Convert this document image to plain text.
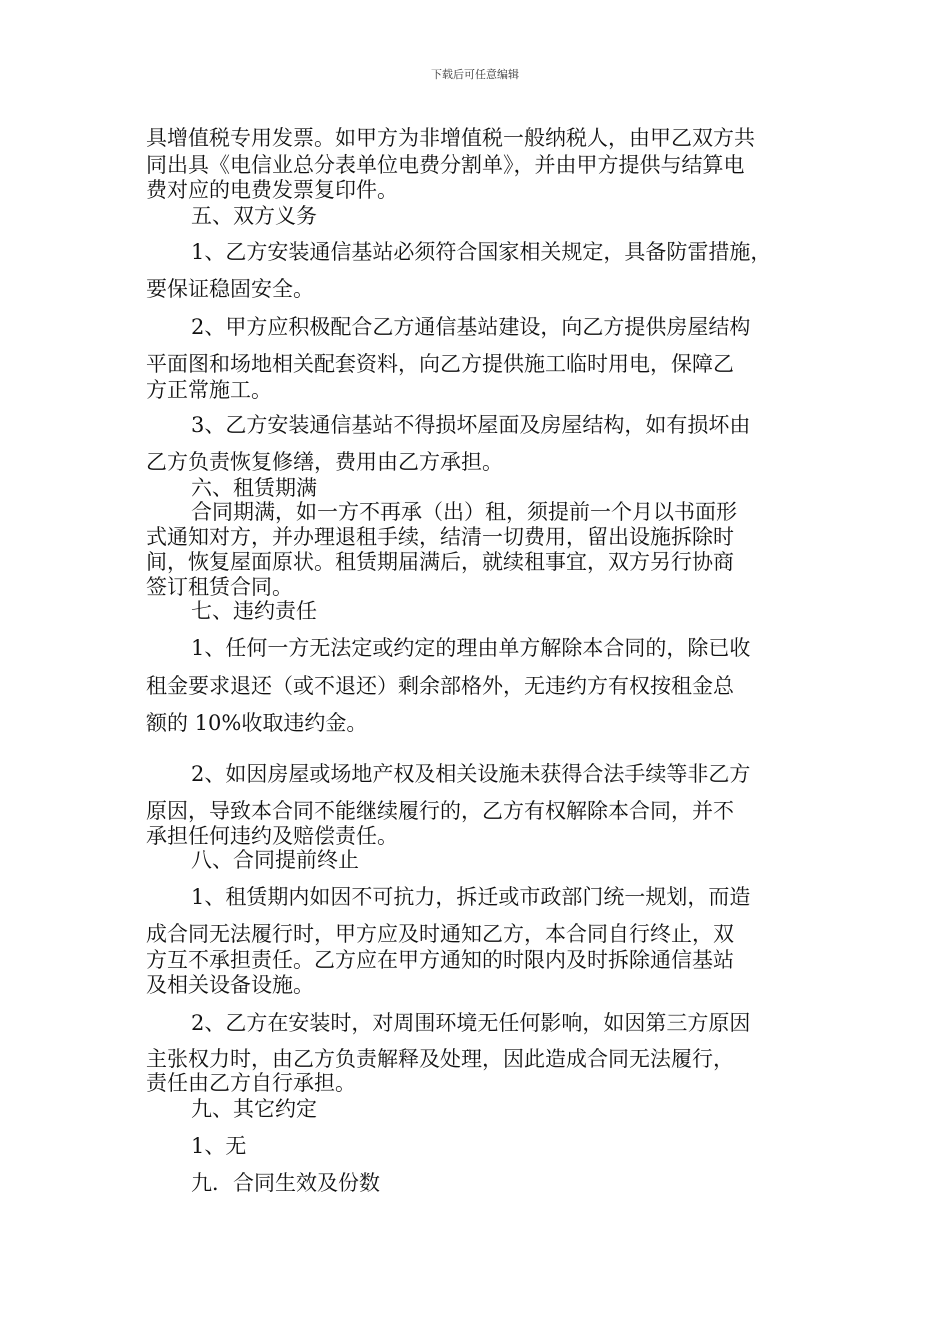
下载后可任意编辑
具增值税专用发票。如甲方为非增值税一般纳税人，由甲乙双方共
同出具《电信业总分表单位电费分割单》，并由甲方提供与结算电
费对应的电费发票复印件。
五、双方义务
1、乙方安装通信基站必须符合国家相关规定，具备防雷措施，
要保证稳固安全。
2、甲方应积极配合乙方通信基站建设，向乙方提供房屋结构
平面图和场地相关配套资料，向乙方提供施工临时用电，保障乙
方正常施工。
3、乙方安装通信基站不得损坏屋面及房屋结构，如有损坏由
乙方负责恢复修缮，费用由乙方承担。
六、租赁期满
合同期满，如一方不再承（出）租，须提前一个月以书面形
式通知对方，并办理退租手续，结清一切费用，留出设施拆除时
间，恢复屋面原状。租赁期届满后，就续租事宜，双方另行协商
签订租赁合同。
七、违约责任
1、任何一方无法定或约定的理由单方解除本合同的，除已收
租金要求退还（或不退还）剩余部格外，无违约方有权按租金总
额的 10%收取违约金。
2、如因房屋或场地产权及相关设施未获得合法手续等非乙方
原因，导致本合同不能继续履行的，乙方有权解除本合同，并不
承担任何违约及赔偿责任。
八、合同提前终止
1、租赁期内如因不可抗力，拆迁或市政部门统一规划，而造
成合同无法履行时，甲方应及时通知乙方，本合同自行终止，双
方互不承担责任。乙方应在甲方通知的时限内及时拆除通信基站
及相关设备设施。
2、乙方在安装时，对周围环境无任何影响，如因第三方原因
主张权力时，由乙方负责解释及处理，因此造成合同无法履行，
责任由乙方自行承担。
九、其它约定
1、无
九．合同生效及份数
